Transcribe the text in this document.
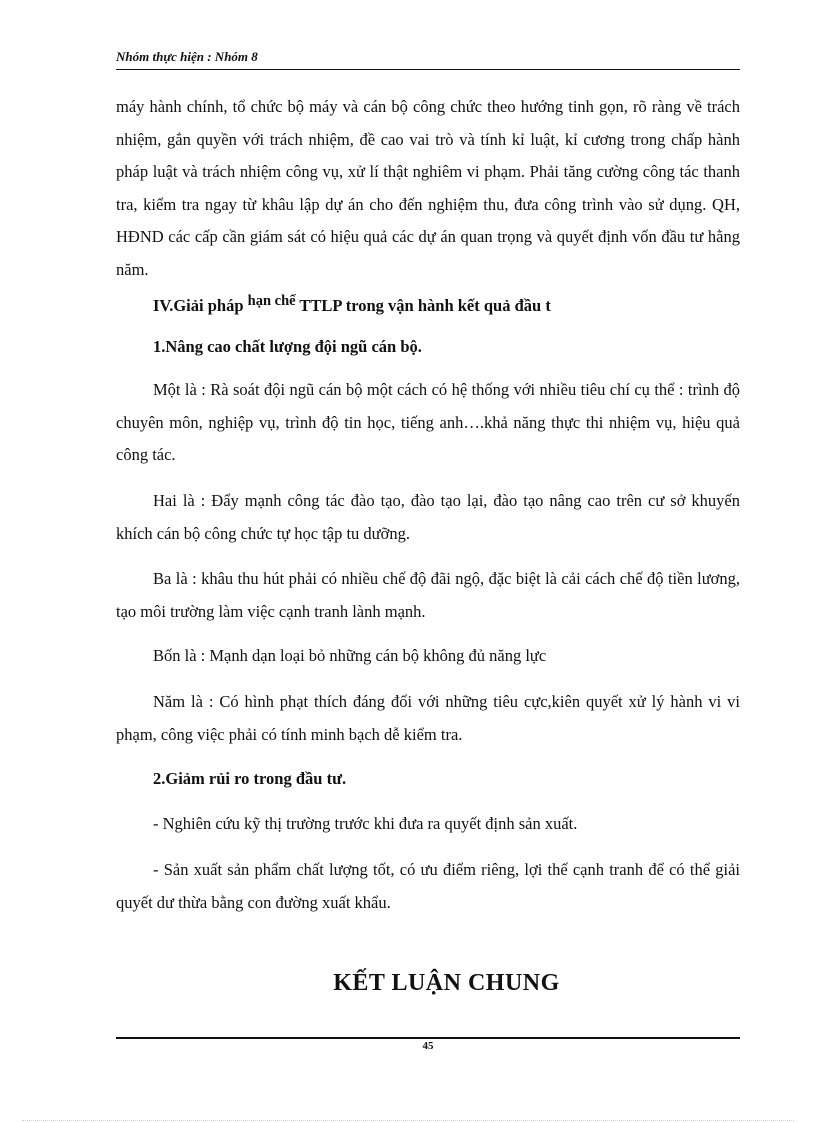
Nhóm thực hiện : Nhóm 8

máy hành chính, tổ chức bộ máy và cán bộ công chức theo hướng tinh gọn, rõ ràng về trách nhiệm, gắn quyền với trách nhiệm, đề cao vai trò và tính kỉ luật, kỉ cương trong chấp hành pháp luật và trách nhiệm công vụ, xử lí thật nghiêm vi phạm. Phải tăng cường công tác thanh tra, kiểm tra ngay từ khâu lập dự án cho đến nghiệm thu, đưa công trình vào sử dụng. QH, HĐND các cấp cần giám sát có hiệu quả các dự án quan trọng và quyết định vốn đầu tư hằng năm.

IV.Giải pháp hạn chế TTLP trong vận hành kết quả đầu t

1.Nâng cao chất lượng đội ngũ cán bộ.

Một là : Rà soát đội ngũ cán bộ một cách có hệ thống với nhiều tiêu chí cụ thể : trình độ chuyên môn, nghiệp vụ, trình độ tin học, tiếng anh….khả năng thực thi nhiệm vụ, hiệu quả công tác.

Hai là : Đẩy mạnh công tác đào tạo, đào tạo lại, đào tạo nâng cao trên cư sở khuyến khích cán bộ công chức tự học tập tu dưỡng.

Ba là : khâu thu hút phải có nhiều chế độ đãi ngộ, đặc biệt là cải cách chế độ tiền lương, tạo môi trường làm việc cạnh tranh lành mạnh.

Bốn là : Mạnh dạn loại bỏ những cán bộ không đủ năng lực

Năm là : Có hình phạt thích đáng đối với những tiêu cực,kiên quyết xử lý hành vi vi phạm, công việc phải có tính minh bạch dễ kiểm tra.

2.Giảm rủi ro trong đầu tư.

- Nghiên cứu kỹ thị trường trước khi đưa ra quyết định sản xuất.

- Sản xuất sản phẩm chất lượng tốt, có ưu điểm riêng, lợi thế cạnh tranh để có thể giải quyết dư thừa bằng con đường xuất khẩu.

KẾT LUẬN CHUNG

45
